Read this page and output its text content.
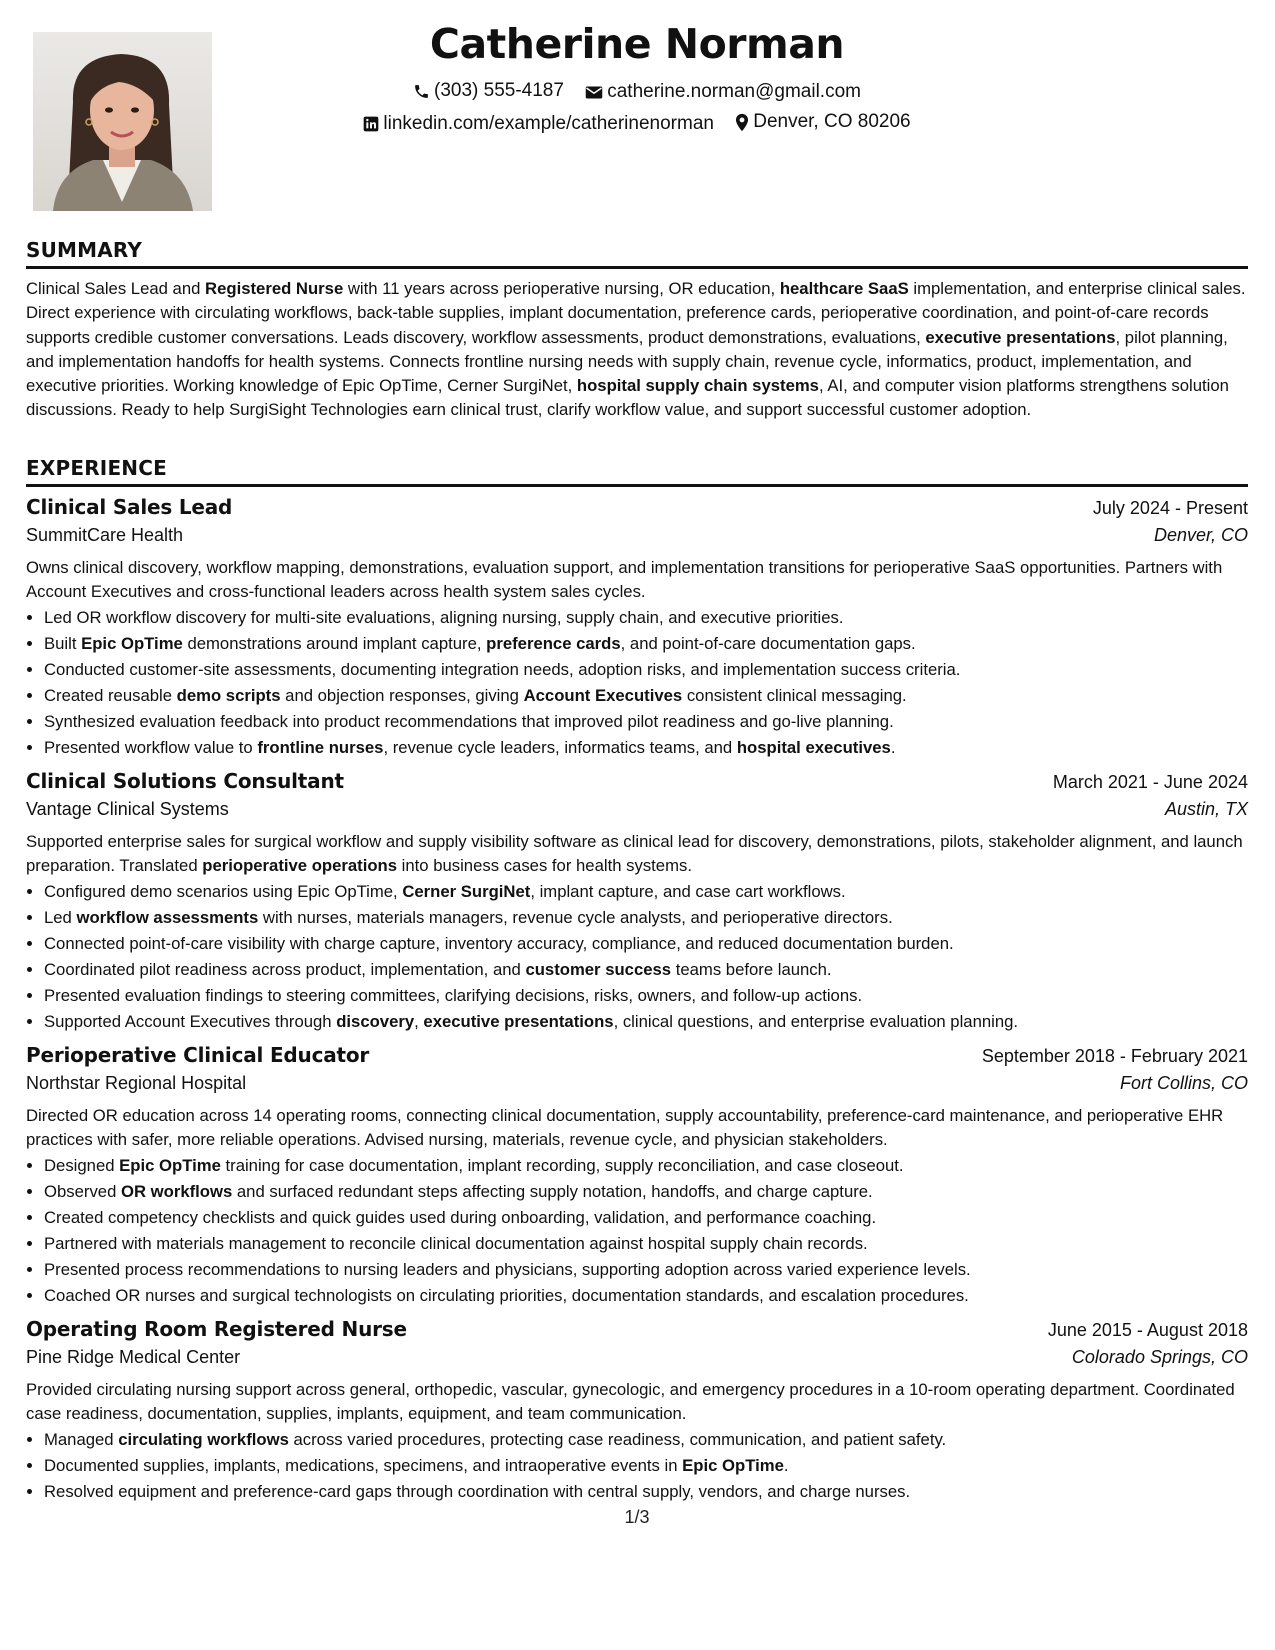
Catherine Norman
(303) 555-4187
catherine.norman@gmail.com
linkedin.com/example/catherinenorman
Denver, CO 80206
SUMMARY

Clinical Sales Lead and Registered Nurse with 11 years across perioperative nursing, OR education, healthcare SaaS implementation, and enterprise clinical sales. Direct experience with circulating workflows, back-table supplies, implant documentation, preference cards, perioperative coordination, and point-of-care records supports credible customer conversations. Leads discovery, workflow assessments, product demonstrations, evaluations, executive presentations, pilot planning, and implementation handoffs for health systems. Connects frontline nursing needs with supply chain, revenue cycle, informatics, product, implementation, and executive priorities. Working knowledge of Epic OpTime, Cerner SurgiNet, hospital supply chain systems, AI, and computer vision platforms strengthens solution discussions. Ready to help SurgiSight Technologies earn clinical trust, clarify workflow value, and support successful customer adoption.

EXPERIENCE
Clinical Sales Lead	July 2024 - Present
SummitCare Health	Denver, CO

Owns clinical discovery, workflow mapping, demonstrations, evaluation support, and implementation transitions for perioperative SaaS opportunities. Partners with Account Executives and cross-functional leaders across health system sales cycles.

• Led OR workflow discovery for multi-site evaluations, aligning nursing, supply chain, and executive priorities.
• Built Epic OpTime demonstrations around implant capture, preference cards, and point-of-care documentation gaps.
• Conducted customer-site assessments, documenting integration needs, adoption risks, and implementation success criteria.
• Created reusable demo scripts and objection responses, giving Account Executives consistent clinical messaging.
• Synthesized evaluation feedback into product recommendations that improved pilot readiness and go-live planning.
• Presented workflow value to frontline nurses, revenue cycle leaders, informatics teams, and hospital executives.
Clinical Solutions Consultant	March 2021 - June 2024
Vantage Clinical Systems	Austin, TX

Supported enterprise sales for surgical workflow and supply visibility software as clinical lead for discovery, demonstrations, pilots, stakeholder alignment, and launch preparation. Translated perioperative operations into business cases for health systems.

• Configured demo scenarios using Epic OpTime, Cerner SurgiNet, implant capture, and case cart workflows.
• Led workflow assessments with nurses, materials managers, revenue cycle analysts, and perioperative directors.
• Connected point-of-care visibility with charge capture, inventory accuracy, compliance, and reduced documentation burden.
• Coordinated pilot readiness across product, implementation, and customer success teams before launch.
• Presented evaluation findings to steering committees, clarifying decisions, risks, owners, and follow-up actions.
• Supported Account Executives through discovery, executive presentations, clinical questions, and enterprise evaluation planning.
Perioperative Clinical Educator	September 2018 - February 2021
Northstar Regional Hospital	Fort Collins, CO

Directed OR education across 14 operating rooms, connecting clinical documentation, supply accountability, preference-card maintenance, and perioperative EHR practices with safer, more reliable operations. Advised nursing, materials, revenue cycle, and physician stakeholders.

• Designed Epic OpTime training for case documentation, implant recording, supply reconciliation, and case closeout.
• Observed OR workflows and surfaced redundant steps affecting supply notation, handoffs, and charge capture.
• Created competency checklists and quick guides used during onboarding, validation, and performance coaching.
• Partnered with materials management to reconcile clinical documentation against hospital supply chain records.
• Presented process recommendations to nursing leaders and physicians, supporting adoption across varied experience levels.
• Coached OR nurses and surgical technologists on circulating priorities, documentation standards, and escalation procedures.
Operating Room Registered Nurse	June 2015 - August 2018
Pine Ridge Medical Center	Colorado Springs, CO

Provided circulating nursing support across general, orthopedic, vascular, gynecologic, and emergency procedures in a 10-room operating department. Coordinated case readiness, documentation, supplies, implants, equipment, and team communication.

• Managed circulating workflows across varied procedures, protecting case readiness, communication, and patient safety.
• Documented supplies, implants, medications, specimens, and intraoperative events in Epic OpTime.
• Resolved equipment and preference-card gaps through coordination with central supply, vendors, and charge nurses.
1/3
